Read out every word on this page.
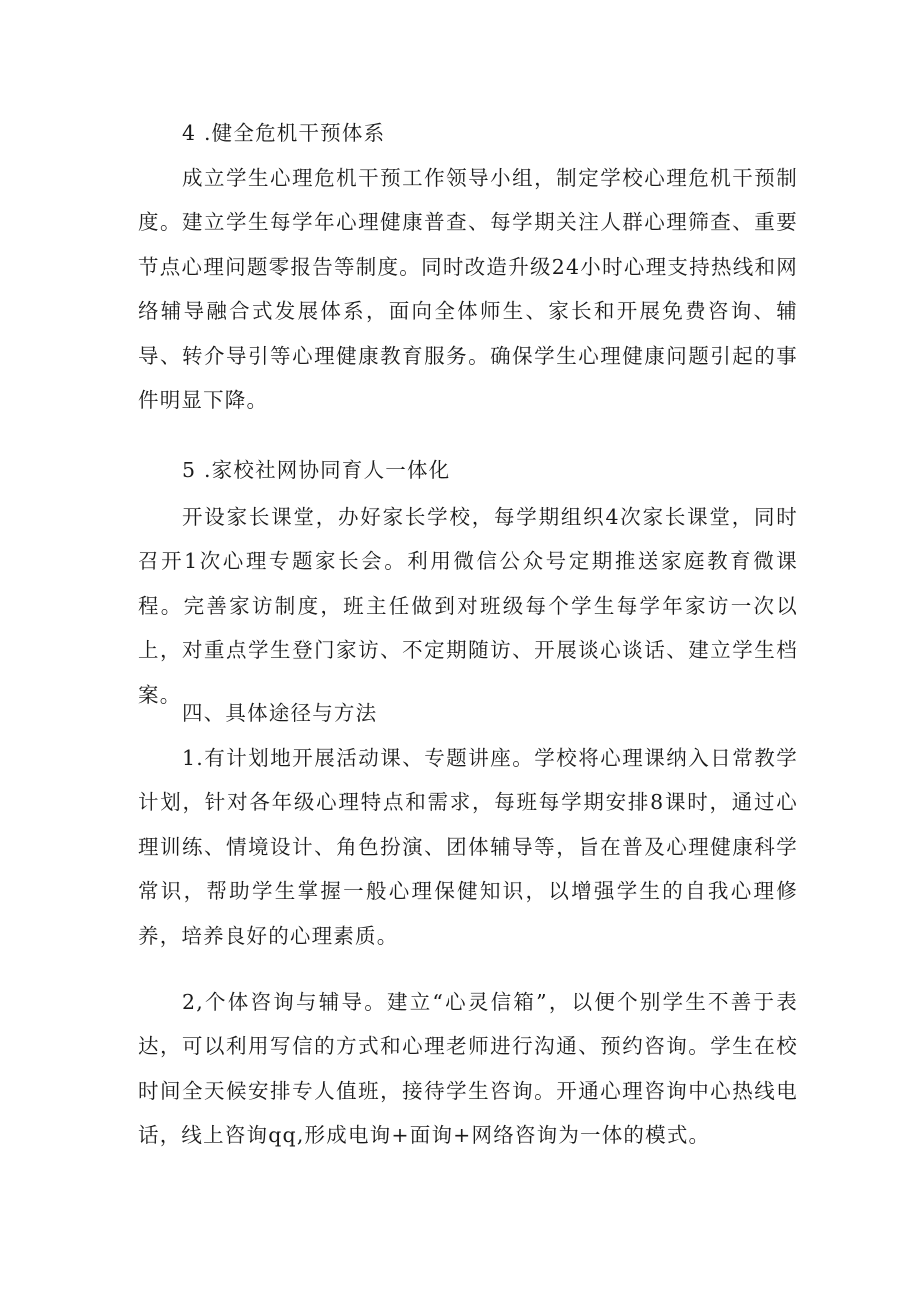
4 .健全危机干预体系
成立学生心理危机干预工作领导小组，制定学校心理危机干预制度。建立学生每学年心理健康普查、每学期关注人群心理筛查、重要节点心理问题零报告等制度。同时改造升级24小时心理支持热线和网络辅导融合式发展体系，面向全体师生、家长和开展免费咨询、辅导、转介导引等心理健康教育服务。确保学生心理健康问题引起的事件明显下降。
5 .家校社网协同育人一体化
开设家长课堂，办好家长学校，每学期组织4次家长课堂，同时召开1次心理专题家长会。利用微信公众号定期推送家庭教育微课程。完善家访制度，班主任做到对班级每个学生每学年家访一次以上，对重点学生登门家访、不定期随访、开展谈心谈话、建立学生档案。
四、具体途径与方法
1.有计划地开展活动课、专题讲座。学校将心理课纳入日常教学计划，针对各年级心理特点和需求，每班每学期安排8课时，通过心理训练、情境设计、角色扮演、团体辅导等，旨在普及心理健康科学常识，帮助学生掌握一般心理保健知识，以增强学生的自我心理修养，培养良好的心理素质。
2,个体咨询与辅导。建立“心灵信箱”，以便个别学生不善于表达，可以利用写信的方式和心理老师进行沟通、预约咨询。学生在校时间全天候安排专人值班，接待学生咨询。开通心理咨询中心热线电话，线上咨询qq,形成电询+面询+网络咨询为一体的模式。
